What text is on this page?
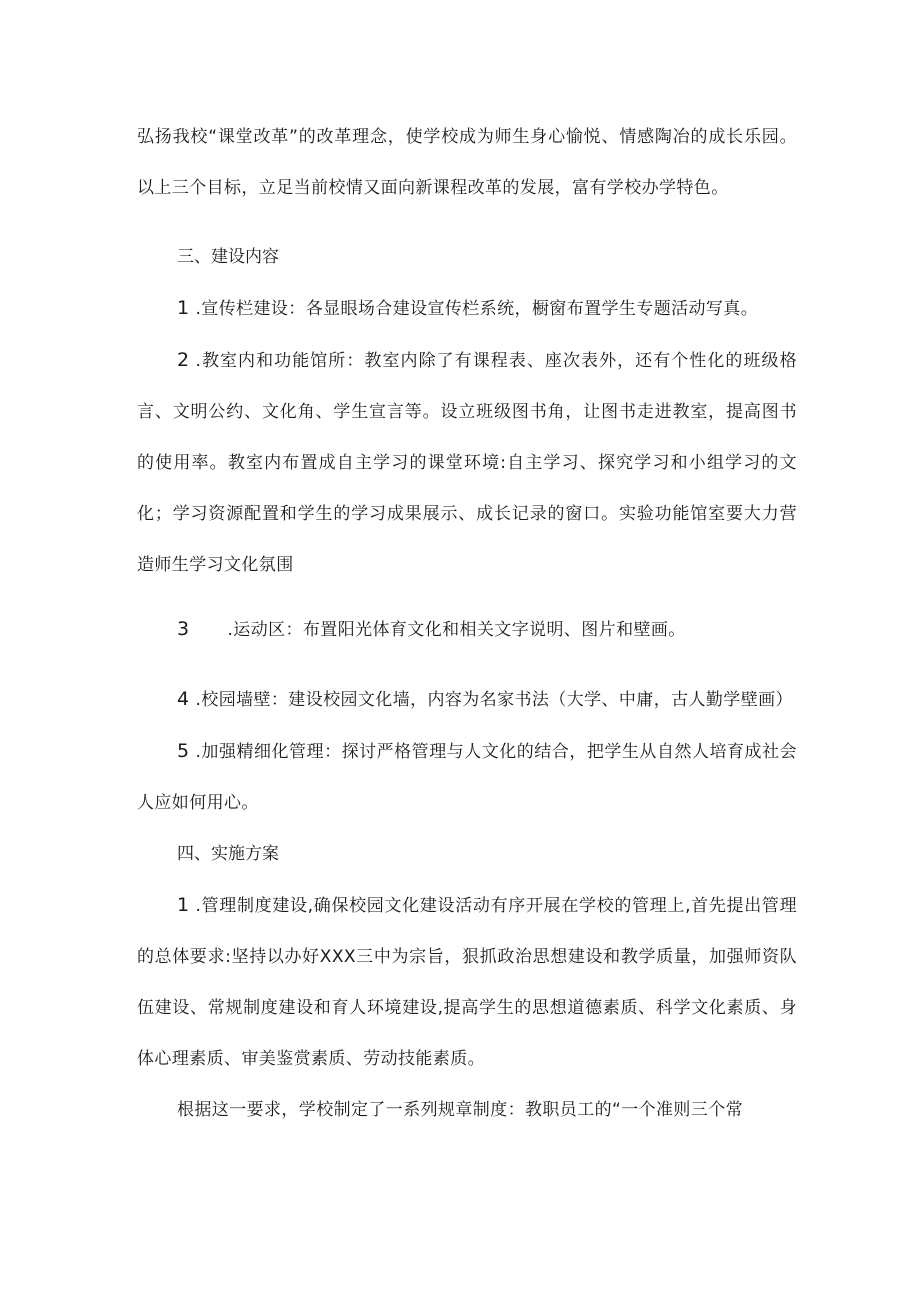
弘扬我校“课堂改革”的改革理念，使学校成为师生身心愉悦、情感陶冶的成长乐园。以上三个目标，立足当前校情又面向新课程改革的发展，富有学校办学特色。

三、建设内容

1 .宣传栏建设：各显眼场合建设宣传栏系统，橱窗布置学生专题活动写真。

2 .教室内和功能馆所：教室内除了有课程表、座次表外，还有个性化的班级格言、文明公约、文化角、学生宣言等。设立班级图书角，让图书走进教室，提高图书的使用率。教室内布置成自主学习的课堂环境:自主学习、探究学习和小组学习的文化；学习资源配置和学生的学习成果展示、成长记录的窗口。实验功能馆室要大力营造师生学习文化氛围

3 .运动区：布置阳光体育文化和相关文字说明、图片和壁画。

4 .校园墙壁：建设校园文化墙，内容为名家书法（大学、中庸，古人勤学壁画）

5 .加强精细化管理：探讨严格管理与人文化的结合，把学生从自然人培育成社会人应如何用心。

四、实施方案

1 .管理制度建设,确保校园文化建设活动有序开展在学校的管理上,首先提出管理的总体要求:坚持以办好XXX三中为宗旨，狠抓政治思想建设和教学质量，加强师资队伍建设、常规制度建设和育人环境建设,提高学生的思想道德素质、科学文化素质、身体心理素质、审美鉴赏素质、劳动技能素质。

根据这一要求，学校制定了一系列规章制度：教职员工的“一个准则三个常
